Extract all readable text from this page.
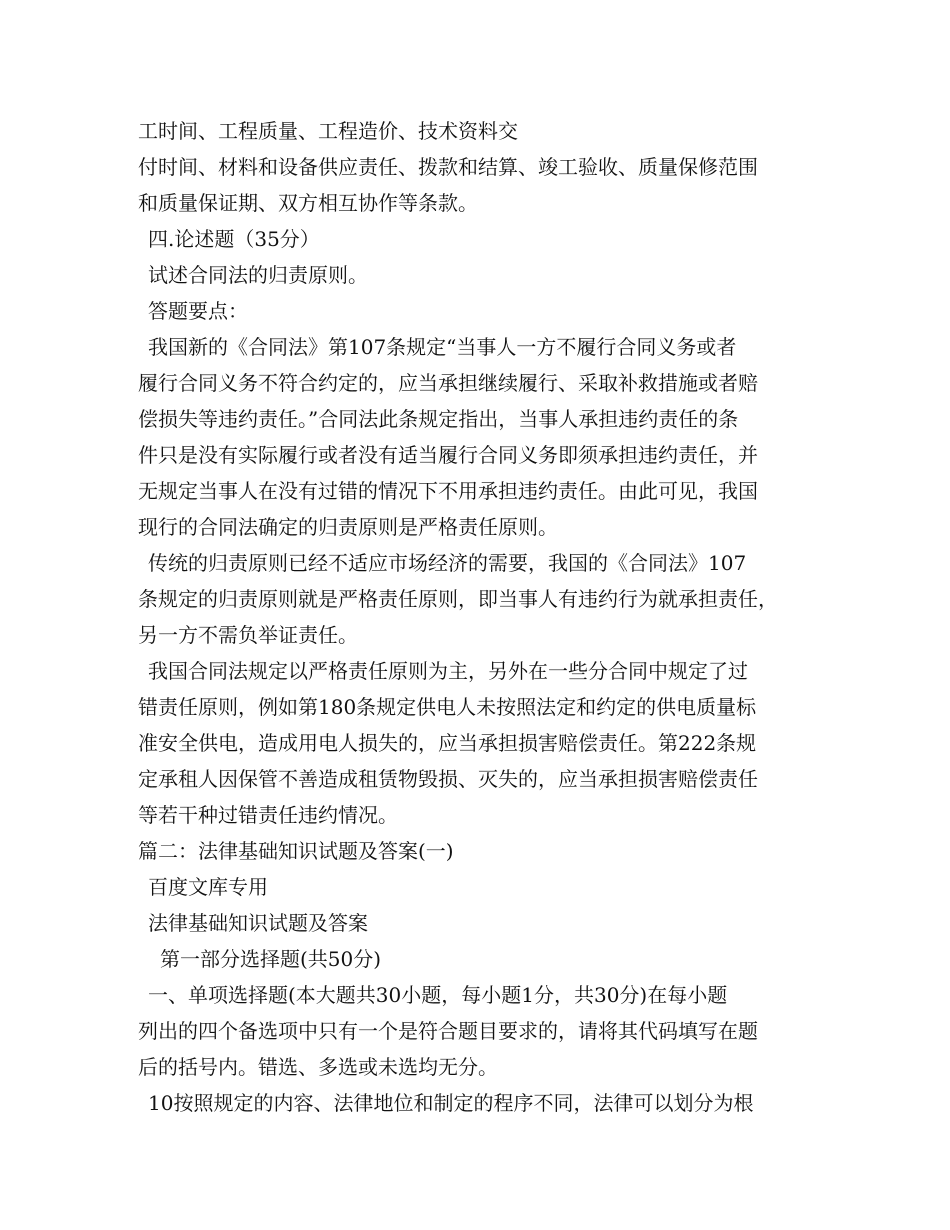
工时间、工程质量、工程造价、技术资料交
付时间、材料和设备供应责任、拨款和结算、竣工验收、质量保修范围
和质量保证期、双方相互协作等条款。
四.论述题（35分）
试述合同法的归责原则。
答题要点：
我国新的《合同法》第107条规定“当事人一方不履行合同义务或者
履行合同义务不符合约定的，应当承担继续履行、采取补救措施或者赔
偿损失等违约责任。”合同法此条规定指出，当事人承担违约责任的条
件只是没有实际履行或者没有适当履行合同义务即须承担违约责任，并
无规定当事人在没有过错的情况下不用承担违约责任。由此可见，我国
现行的合同法确定的归责原则是严格责任原则。
传统的归责原则已经不适应市场经济的需要，我国的《合同法》107
条规定的归责原则就是严格责任原则，即当事人有违约行为就承担责任，
另一方不需负举证责任。
我国合同法规定以严格责任原则为主，另外在一些分合同中规定了过
错责任原则，例如第180条规定供电人未按照法定和约定的供电质量标
准安全供电，造成用电人损失的，应当承担损害赔偿责任。第222条规
定承租人因保管不善造成租赁物毁损、灭失的，应当承担损害赔偿责任
等若干种过错责任违约情况。
篇二：法律基础知识试题及答案(一)
百度文库专用
法律基础知识试题及答案
第一部分选择题(共50分)
一、单项选择题(本大题共30小题，每小题1分，共30分)在每小题
列出的四个备选项中只有一个是符合题目要求的，请将其代码填写在题
后的括号内。错选、多选或未选均无分。
10按照规定的内容、法律地位和制定的程序不同，法律可以划分为根
